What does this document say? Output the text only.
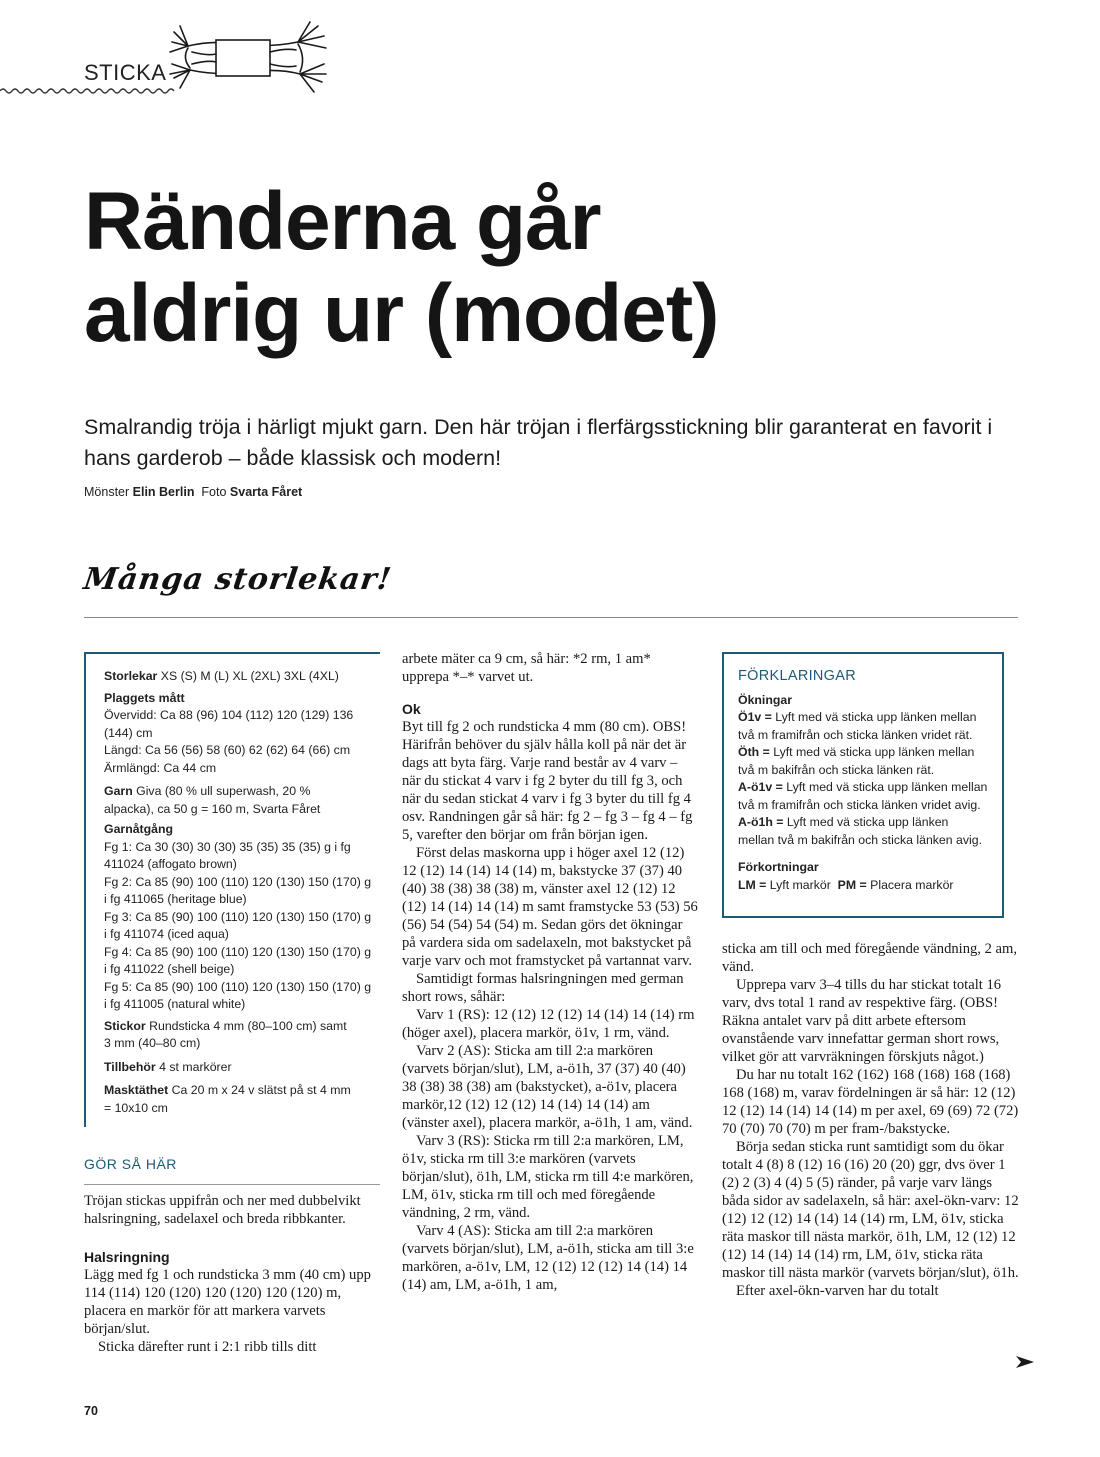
STICKA
Ränderna går
aldrig ur (modet)

Smalrandig tröja i härligt mjukt garn. Den här tröjan i flerfärgsstickning blir garanterat en favorit i hans garderob – både klassisk och modern!

Mönster Elin Berlin Foto Svarta Fåret
Många storlekar!

Storlekar XS (S) M (L) XL (2XL) 3XL (4XL)

Plaggets mått
Övervidd: Ca 88 (96) 104 (112) 120 (129) 136
(144) cm
Längd: Ca 56 (56) 58 (60) 62 (62) 64 (66) cm
Ärmlängd: Ca 44 cm
Garn Giva (80 % ull superwash, 20 %
alpacka), ca 50 g = 160 m, Svarta Fåret
Garnåtgång
Fg 1: Ca 30 (30) 30 (30) 35 (35) 35 (35) g i fg
411024 (affogato brown)
Fg 2: Ca 85 (90) 100 (110) 120 (130) 150 (170) g
i fg 411065 (heritage blue)
Fg 3: Ca 85 (90) 100 (110) 120 (130) 150 (170) g
i fg 411074 (iced aqua)
Fg 4: Ca 85 (90) 100 (110) 120 (130) 150 (170) g
i fg 411022 (shell beige)
Fg 5: Ca 85 (90) 100 (110) 120 (130) 150 (170) g
i fg 411005 (natural white)
Stickor Rundsticka 4 mm (80–100 cm) samt
3 mm (40–80 cm)
Tillbehör 4 st markörer
Masktäthet Ca 20 m x 24 v slätst på st 4 mm
= 10x10 cm
GÖR SÅ HÄR

Tröjan stickas uppifrån och ner med dubbelvikt halsringning, sadelaxel och breda ribbkanter.

Halsringning

Lägg med fg 1 och rundsticka 3 mm (40 cm) upp 114 (114) 120 (120) 120 (120) 120 (120) m, placera en markör för att markera varvets början/slut.

Sticka därefter runt i 2:1 ribb tills ditt

arbete mäter ca 9 cm, så här: *2 rm, 1 am* upprepa *–* varvet ut.

Ok

Byt till fg 2 och rundsticka 4 mm (80 cm). OBS! Härifrån behöver du själv hålla koll på när det är dags att byta färg. Varje rand består av 4 varv – när du stickat 4 varv i fg 2 byter du till fg 3, och när du sedan stickat 4 varv i fg 3 byter du till fg 4 osv. Randningen går så här: fg 2 – fg 3 – fg 4 – fg 5, varefter den börjar om från början igen.

Först delas maskorna upp i höger axel 12 (12) 12 (12) 14 (14) 14 (14) m, bakstycke 37 (37) 40 (40) 38 (38) 38 (38) m, vänster axel 12 (12) 12 (12) 14 (14) 14 (14) m samt framstycke 53 (53) 56 (56) 54 (54) 54 (54) m. Sedan görs det ökningar på vardera sida om sadelaxeln, mot bakstycket på varje varv och mot framstycket på vartannat varv.

Samtidigt formas halsringningen med german short rows, såhär:

Varv 1 (RS): 12 (12) 12 (12) 14 (14) 14 (14) rm (höger axel), placera markör, ö1v, 1 rm, vänd.

Varv 2 (AS): Sticka am till 2:a markören (varvets början/slut), LM, a-ö1h, 37 (37) 40 (40) 38 (38) 38 (38) am (bakstycket), a-ö1v, placera markör,12 (12) 12 (12) 14 (14) 14 (14) am (vänster axel), placera markör, a-ö1h, 1 am, vänd.

Varv 3 (RS): Sticka rm till 2:a markören, LM, ö1v, sticka rm till 3:e markören (varvets början/slut), ö1h, LM, sticka rm till 4:e markören, LM, ö1v, sticka rm till och med föregående vändning, 2 rm, vänd.

Varv 4 (AS): Sticka am till 2:a markören (varvets början/slut), LM, a-ö1h, sticka am till 3:e markören, a-ö1v, LM, 12 (12) 12 (12) 14 (14) 14 (14) am, LM, a-ö1h, 1 am,

FÖRKLARINGAR

Ökningar

Ö1v = Lyft med vä sticka upp länken mellan två m framifrån och sticka länken vridet rät.

Öth = Lyft med vä sticka upp länken mellan två m bakifrån och sticka länken rät.

A-ö1v = Lyft med vä sticka upp länken mellan två m framifrån och sticka länken vridet avig.

A-ö1h = Lyft med vä sticka upp länken mellan två m bakifrån och sticka länken avig.

Förkortningar

LM = Lyft markör PM = Placera markör

sticka am till och med föregående vändning, 2 am, vänd.

Upprepa varv 3–4 tills du har stickat totalt 16 varv, dvs total 1 rand av respektive färg. (OBS! Räkna antalet varv på ditt arbete eftersom ovanstående varv innefattar german short rows, vilket gör att varvräkningen förskjuts något.)

Du har nu totalt 162 (162) 168 (168) 168 (168) 168 (168) m, varav fördelningen är så här: 12 (12) 12 (12) 14 (14) 14 (14) m per axel, 69 (69) 72 (72) 70 (70) 70 (70) m per fram-/bakstycke.

Börja sedan sticka runt samtidigt som du ökar totalt 4 (8) 8 (12) 16 (16) 20 (20) ggr, dvs över 1 (2) 2 (3) 4 (4) 5 (5) ränder, på varje varv längs båda sidor av sadelaxeln, så här: axel-ökn-varv: 12 (12) 12 (12) 14 (14) 14 (14) rm, LM, ö1v, sticka räta maskor till nästa markör, ö1h, LM, 12 (12) 12 (12) 14 (14) 14 (14) rm, LM, ö1v, sticka räta maskor till nästa markör (varvets början/slut), ö1h.

Efter axel-ökn-varven har du totalt

70
